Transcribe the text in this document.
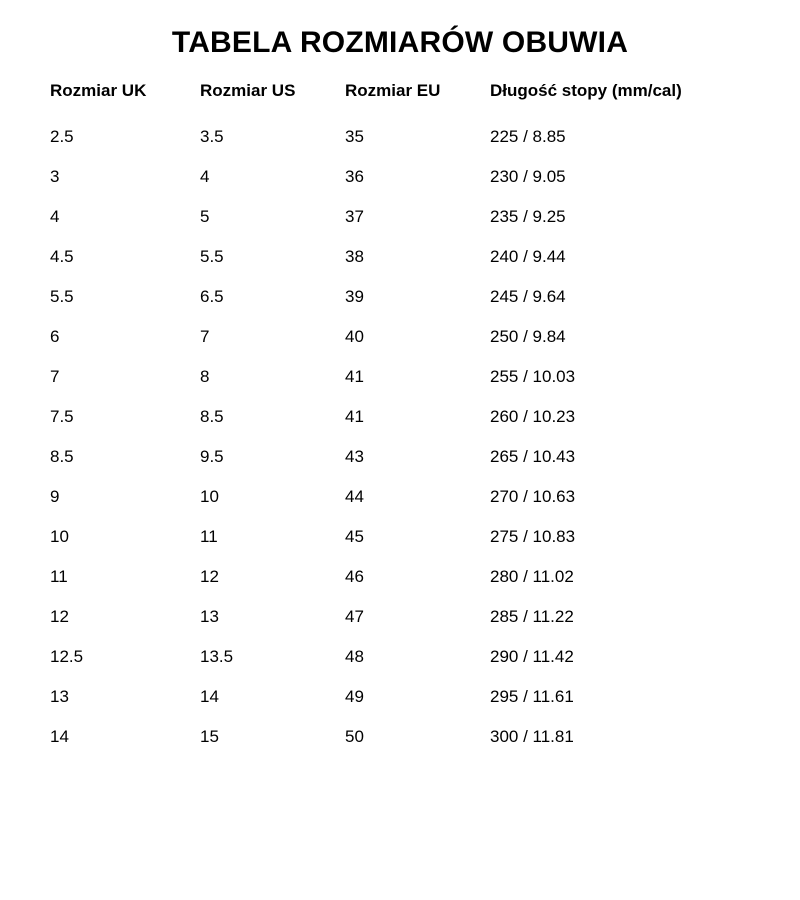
TABELA ROZMIARÓW OBUWIA
Rozmiar UK	Rozmiar US	Rozmiar EU	Długość stopy (mm/cal)
2.5	3.5	35	225 / 8.85
3	4	36	230 / 9.05
4	5	37	235 / 9.25
4.5	5.5	38	240 / 9.44
5.5	6.5	39	245 / 9.64
6	7	40	250 / 9.84
7	8	41	255 / 10.03
7.5	8.5	41	260 / 10.23
8.5	9.5	43	265 / 10.43
9	10	44	270 / 10.63
10	11	45	275 / 10.83
11	12	46	280 / 11.02
12	13	47	285 / 11.22
12.5	13.5	48	290 / 11.42
13	14	49	295 / 11.61
14	15	50	300 / 11.81
